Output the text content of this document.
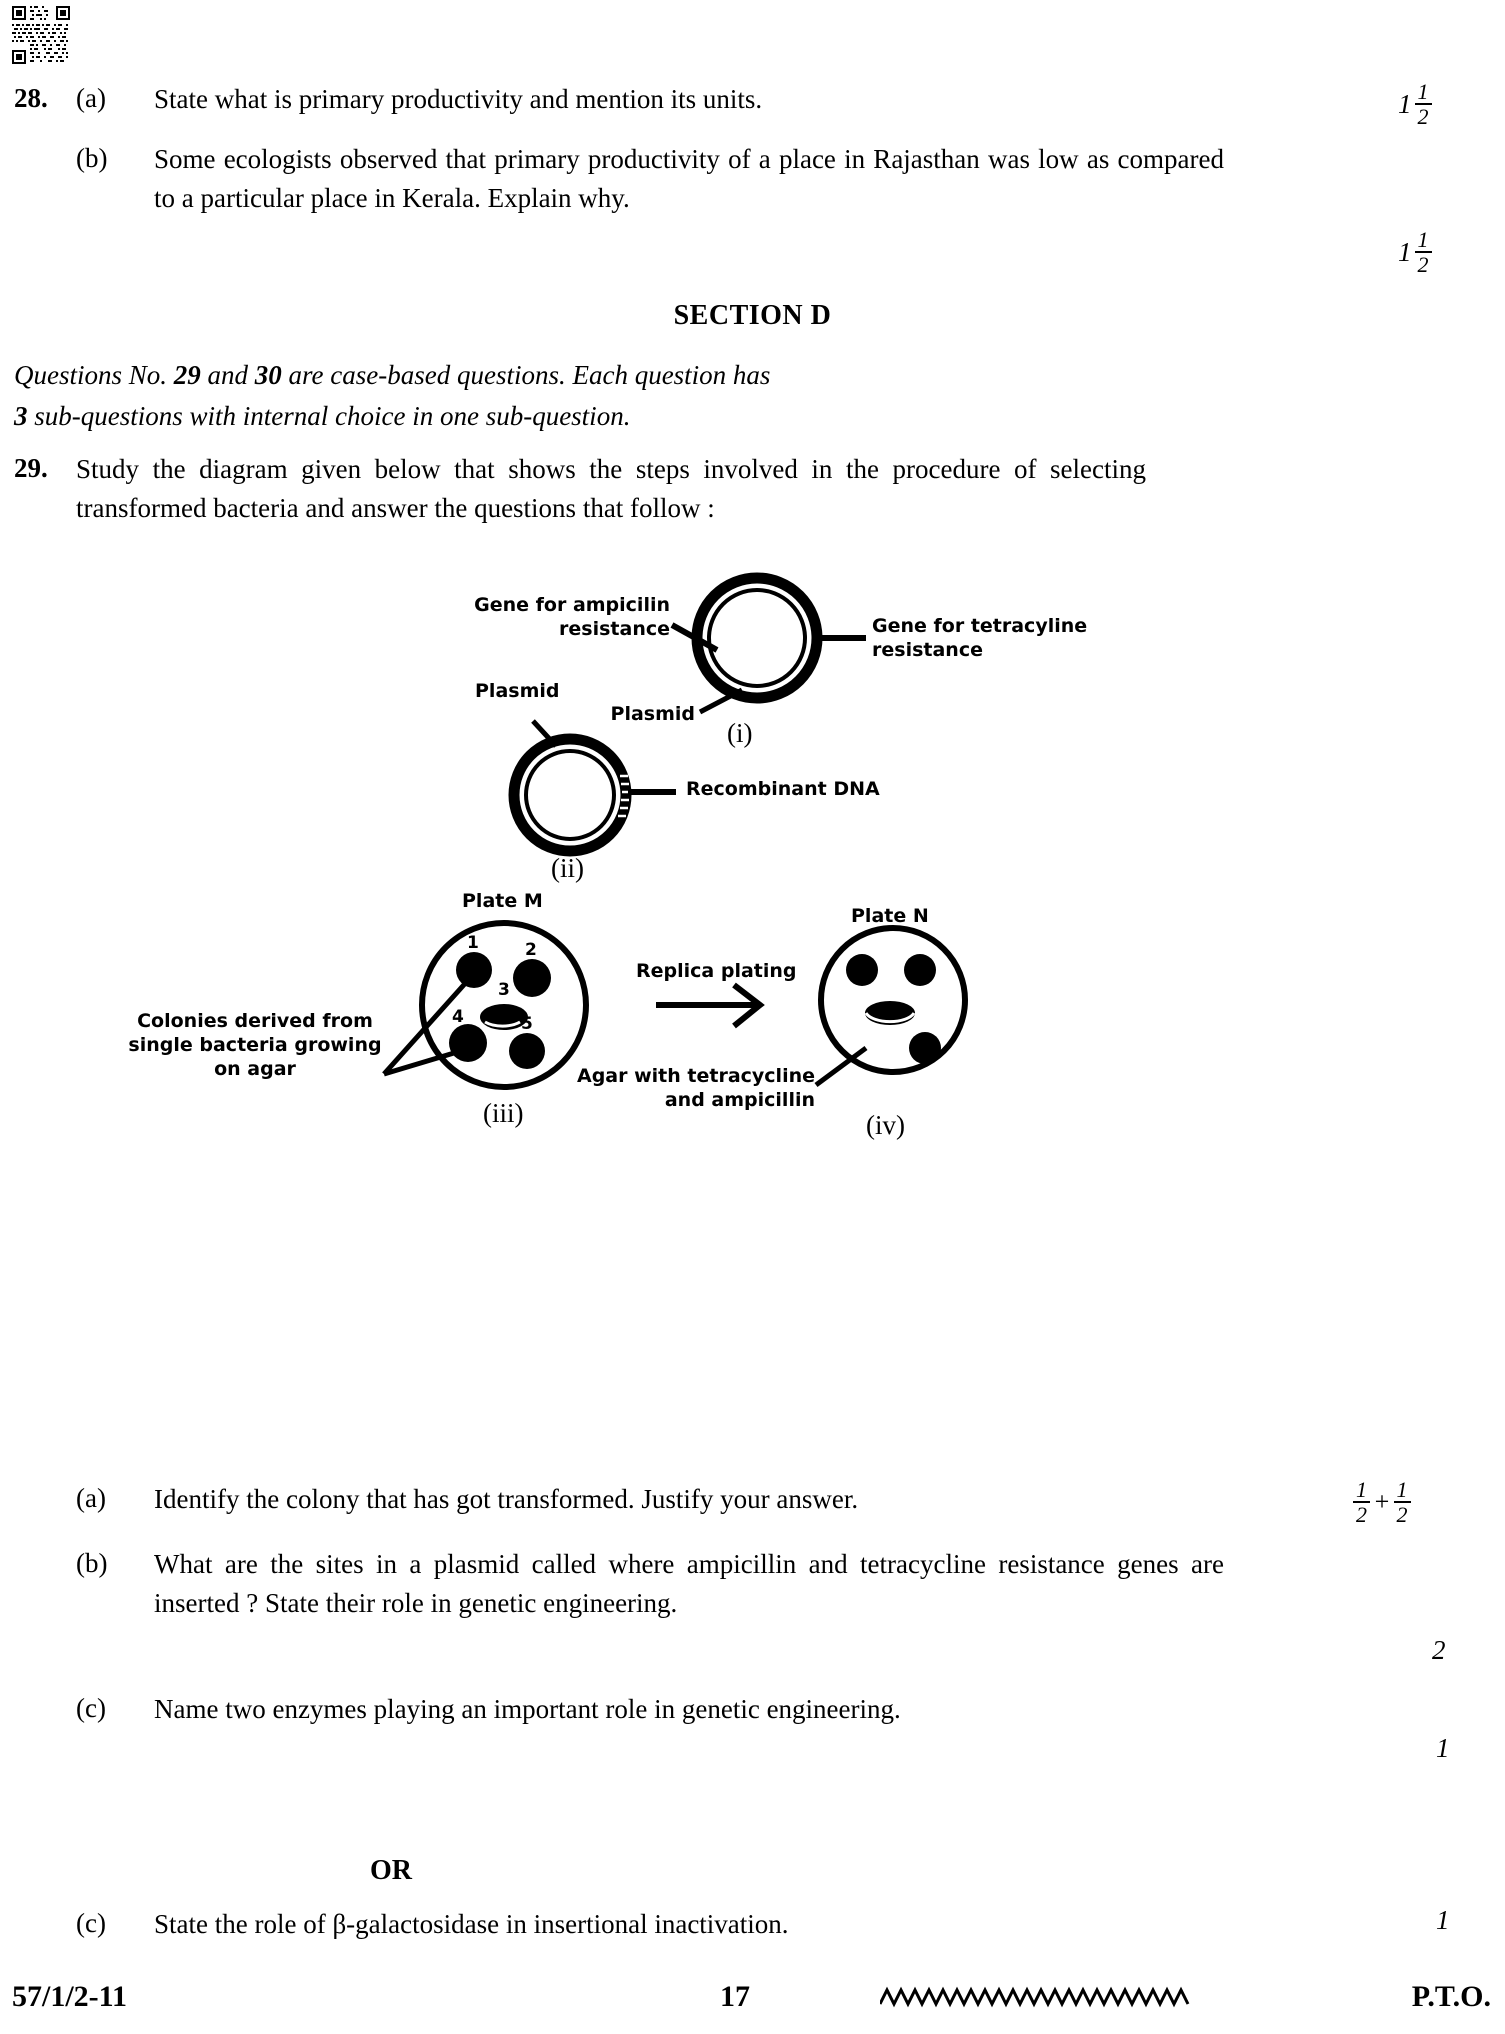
28.	(a)	State what is primary productivity and mention its units.	$1 \frac{1}{2}$
(b)	Some ecologists observed that primary productivity of a place in Rajasthan was low as compared to a particular place in Kerala. Explain why.
$1 \frac{1}{2}$
SECTION D
Questions No. 29 and 30 are case-based questions. Each question has
3 sub-questions with internal choice in one sub-question.
29.	Study the diagram given below that shows the steps involved in the procedure of selecting transformed bacteria and answer the questions that follow :
Gene for ampicilin
resistance	Gene for tetracyline
resistance
Plasmid
Plasmid
(i)
Recombinant DNA
(ii)
Plate M
Plate N
1	2
3
4	5
Colonies derived from
single bacteria growing
on agar
Replica plating
Agar with tetracycline
and ampicillin
(iii)	(iv)
(a)	Identify the colony that has got transformed. Justify your answer.	$\frac{1}{2} + \frac{1}{2}$
(b)	What are the sites in a plasmid called where ampicillin and tetracycline resistance genes are inserted ? State their role in genetic engineering.
2
(c)	Name two enzymes playing an important role in genetic engineering.
1
OR
(c)	State the role of β-galactosidase in insertional inactivation.	1
57/1/2-11	17	P.T.O.
